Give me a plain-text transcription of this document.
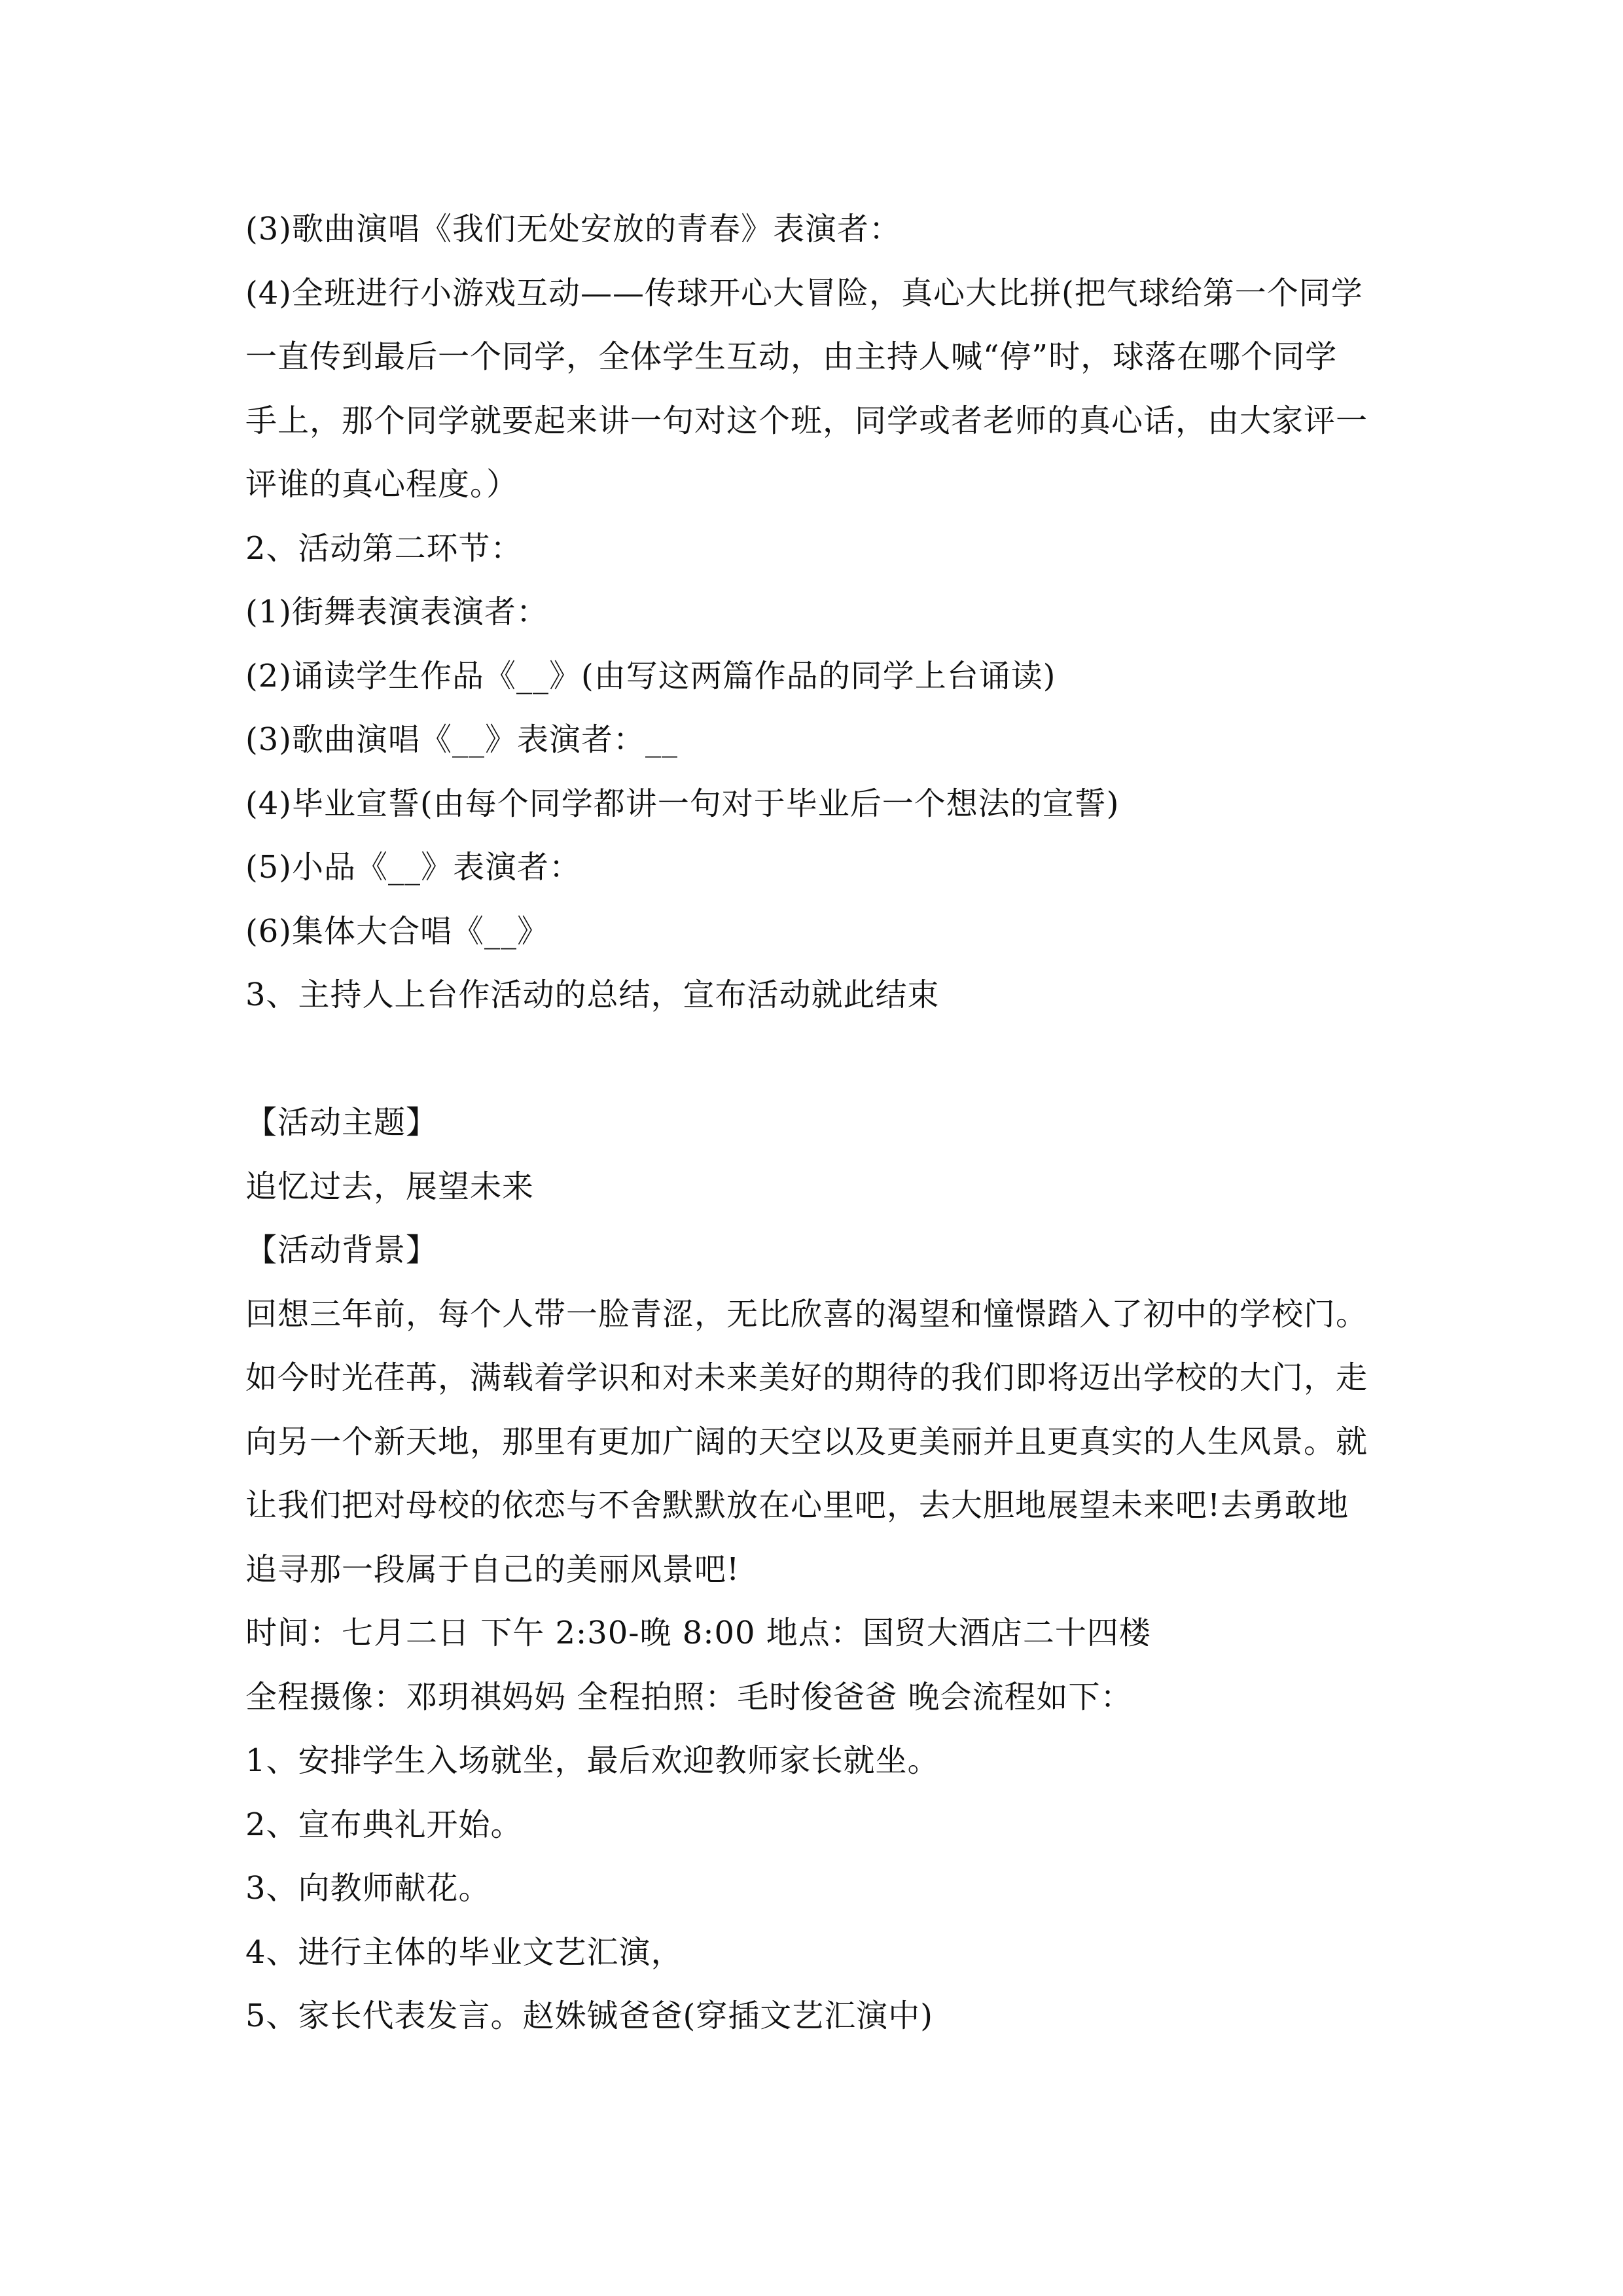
(3)歌曲演唱《我们无处安放的青春》表演者：
(4)全班进行小游戏互动——传球开心大冒险，真心大比拼(把气球给第一个同学
一直传到最后一个同学，全体学生互动，由主持人喊“停”时，球落在哪个同学
手上，那个同学就要起来讲一句对这个班，同学或者老师的真心话，由大家评一
评谁的真心程度。）
2、活动第二环节：
(1)街舞表演表演者：
(2)诵读学生作品《__》(由写这两篇作品的同学上台诵读)
(3)歌曲演唱《__》表演者：__
(4)毕业宣誓(由每个同学都讲一句对于毕业后一个想法的宣誓)
(5)小品《__》表演者：
(6)集体大合唱《__》
3、主持人上台作活动的总结，宣布活动就此结束
【活动主题】
追忆过去，展望未来
【活动背景】
回想三年前，每个人带一脸青涩，无比欣喜的渴望和憧憬踏入了初中的学校门。
如今时光荏苒，满载着学识和对未来美好的期待的我们即将迈出学校的大门，走
向另一个新天地，那里有更加广阔的天空以及更美丽并且更真实的人生风景。就
让我们把对母校的依恋与不舍默默放在心里吧，去大胆地展望未来吧!去勇敢地
追寻那一段属于自己的美丽风景吧!
时间：七月二日 下午 2:30-晚 8:00 地点：国贸大酒店二十四楼
全程摄像：邓玥祺妈妈 全程拍照：毛时俊爸爸 晚会流程如下：
1、安排学生入场就坐，最后欢迎教师家长就坐。
2、宣布典礼开始。
3、向教师献花。
4、进行主体的毕业文艺汇演，
5、家长代表发言。赵姝铖爸爸(穿插文艺汇演中)
